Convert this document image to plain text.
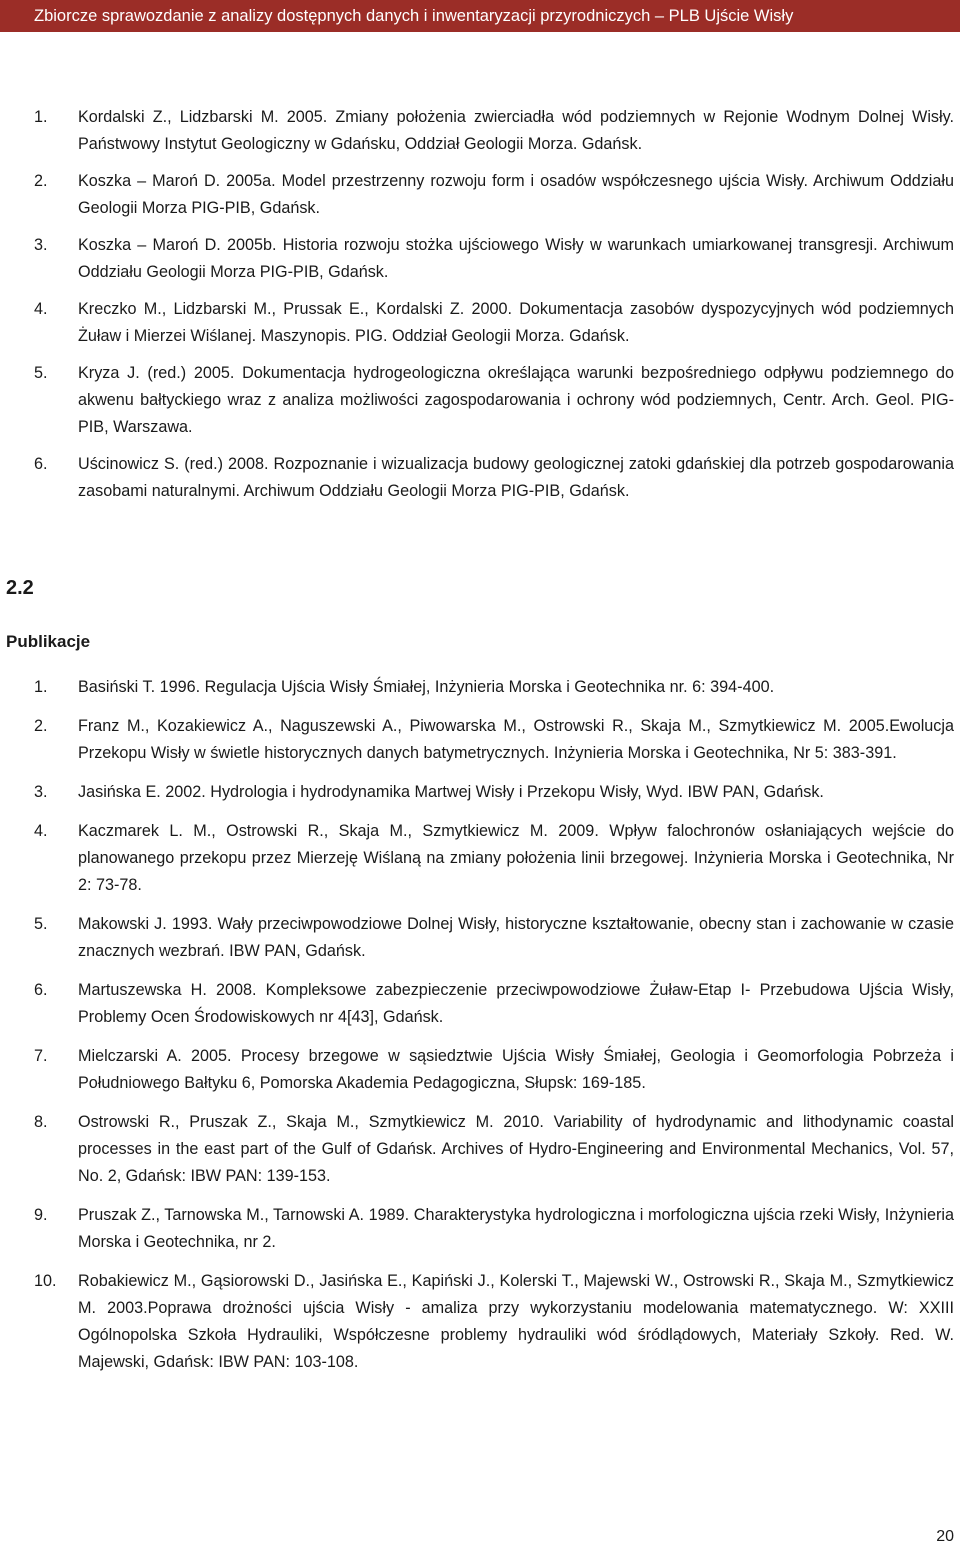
Zbiorcze sprawozdanie z analizy dostępnych danych i inwentaryzacji przyrodniczych – PLB Ujście Wisły
1.	Kordalski Z., Lidzbarski M. 2005. Zmiany położenia zwierciadła wód podziemnych w Rejonie Wodnym Dolnej Wisły. Państwowy Instytut Geologiczny w Gdańsku, Oddział Geologii Morza. Gdańsk.
2.	Koszka – Maroń D. 2005a. Model przestrzenny rozwoju form i osadów współczesnego ujścia Wisły. Archiwum Oddziału Geologii Morza PIG-PIB, Gdańsk.
3.	Koszka – Maroń D. 2005b. Historia rozwoju stożka ujściowego Wisły w warunkach umiarkowanej transgresji. Archiwum Oddziału Geologii Morza PIG-PIB, Gdańsk.
4.	Kreczko M., Lidzbarski M., Prussak E., Kordalski Z. 2000. Dokumentacja zasobów dyspozycyjnych wód podziemnych Żuław i Mierzei Wiślanej. Maszynopis. PIG. Oddział Geologii Morza. Gdańsk.
5.	Kryza J. (red.) 2005. Dokumentacja hydrogeologiczna określająca warunki bezpośredniego odpływu podziemnego do akwenu bałtyckiego wraz z analiza możliwości zagospodarowania i ochrony wód podziemnych, Centr. Arch. Geol. PIG-PIB, Warszawa.
6.	Uścinowicz S. (red.) 2008. Rozpoznanie i wizualizacja budowy geologicznej zatoki gdańskiej dla potrzeb gospodarowania zasobami naturalnymi. Archiwum Oddziału Geologii Morza PIG-PIB, Gdańsk.
2.2
Publikacje
1.	Basiński T. 1996. Regulacja Ujścia Wisły Śmiałej, Inżynieria Morska i Geotechnika nr. 6: 394-400.
2.	Franz M., Kozakiewicz A., Naguszewski A., Piwowarska M., Ostrowski R., Skaja M., Szmytkiewicz M. 2005.Ewolucja Przekopu Wisły w świetle historycznych danych batymetrycznych. Inżynieria Morska i Geotechnika, Nr 5: 383-391.
3.	Jasińska E. 2002. Hydrologia i hydrodynamika Martwej Wisły i Przekopu Wisły, Wyd. IBW PAN, Gdańsk.
4.	Kaczmarek L. M., Ostrowski R., Skaja M., Szmytkiewicz M. 2009. Wpływ falochronów osłaniających wejście do planowanego przekopu przez Mierzeję Wiślaną na zmiany położenia linii brzegowej. Inżynieria Morska i Geotechnika, Nr 2: 73-78.
5.	Makowski J. 1993. Wały przeciwpowodziowe Dolnej Wisły, historyczne kształtowanie, obecny stan i zachowanie w czasie znacznych wezbrań. IBW PAN, Gdańsk.
6.	Martuszewska H. 2008. Kompleksowe zabezpieczenie przeciwpowodziowe Żuław-Etap I- Przebudowa Ujścia Wisły, Problemy Ocen Środowiskowych nr 4[43], Gdańsk.
7.	Mielczarski A. 2005. Procesy brzegowe w sąsiedztwie Ujścia Wisły Śmiałej, Geologia i Geomorfologia Pobrzeża i Południowego Bałtyku 6, Pomorska Akademia Pedagogiczna, Słupsk: 169-185.
8.	Ostrowski R., Pruszak Z., Skaja M., Szmytkiewicz M. 2010. Variability of hydrodynamic and lithodynamic coastal processes in the east part of the Gulf of Gdańsk. Archives of Hydro-Engineering and Environmental Mechanics, Vol. 57, No. 2, Gdańsk: IBW PAN: 139-153.
9.	Pruszak Z., Tarnowska M., Tarnowski A. 1989. Charakterystyka hydrologiczna i morfologiczna ujścia rzeki Wisły, Inżynieria Morska i Geotechnika, nr 2.
10.	Robakiewicz M., Gąsiorowski D., Jasińska E., Kapiński J., Kolerski T., Majewski W., Ostrowski R., Skaja M., Szmytkiewicz M. 2003.Poprawa drożności ujścia Wisły - amaliza przy wykorzystaniu modelowania matematycznego. W: XXIII Ogólnopolska Szkoła Hydrauliki, Współczesne problemy hydrauliki wód śródlądowych, Materiały Szkoły. Red. W. Majewski, Gdańsk: IBW PAN: 103-108.
20
